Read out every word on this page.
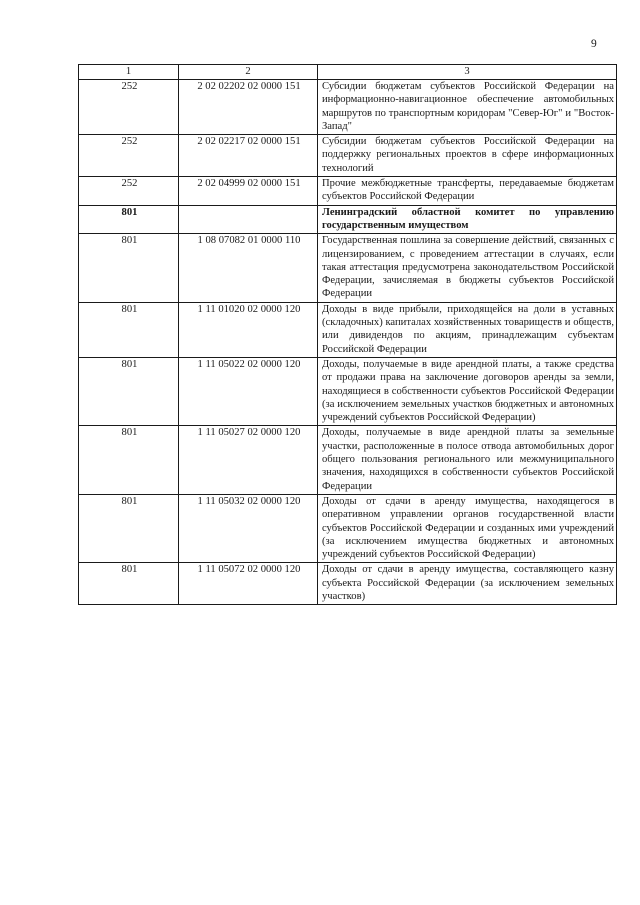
9
1	2	3
252	2 02 02202 02 0000 151	Субсидии бюджетам субъектов Российской Федерации на информационно-навигационное обеспечение автомобильных маршрутов по транспортным коридорам "Север-Юг" и "Восток-Запад"
252	2 02 02217 02 0000 151	Субсидии бюджетам субъектов Российской Федерации на поддержку региональных проектов в сфере информационных технологий
252	2 02 04999 02 0000 151	Прочие межбюджетные трансферты, передаваемые бюджетам субъектов Российской Федерации
801		Ленинградский областной комитет по управлению государственным имуществом
801	1 08 07082 01 0000 110	Государственная пошлина за совершение действий, связанных с лицензированием, с проведением аттестации в случаях, если такая аттестация предусмотрена законодательством Российской Федерации, зачисляемая в бюджеты субъектов Российской Федерации
801	1 11 01020 02 0000 120	Доходы в виде прибыли, приходящейся на доли в уставных (складочных) капиталах хозяйственных товариществ и обществ, или дивидендов по акциям, принадлежащим субъектам Российской Федерации
801	1 11 05022 02 0000 120	Доходы, получаемые в виде арендной платы, а также средства от продажи права на заключение договоров аренды за земли, находящиеся в собственности субъектов Российской Федерации (за исключением земельных участков бюджетных и автономных учреждений субъектов Российской Федерации)
801	1 11 05027 02 0000 120	Доходы, получаемые в виде арендной платы за земельные участки, расположенные в полосе отвода автомобильных дорог общего пользования регионального или межмуниципального значения, находящихся в собственности субъектов Российской Федерации
801	1 11 05032 02 0000 120	Доходы от сдачи в аренду имущества, находящегося в оперативном управлении органов государственной власти субъектов Российской Федерации и созданных ими учреждений (за исключением имущества бюджетных и автономных учреждений субъектов Российской Федерации)
801	1 11 05072 02 0000 120	Доходы от сдачи в аренду имущества, составляющего казну субъекта Российской Федерации (за исключением земельных участков)
